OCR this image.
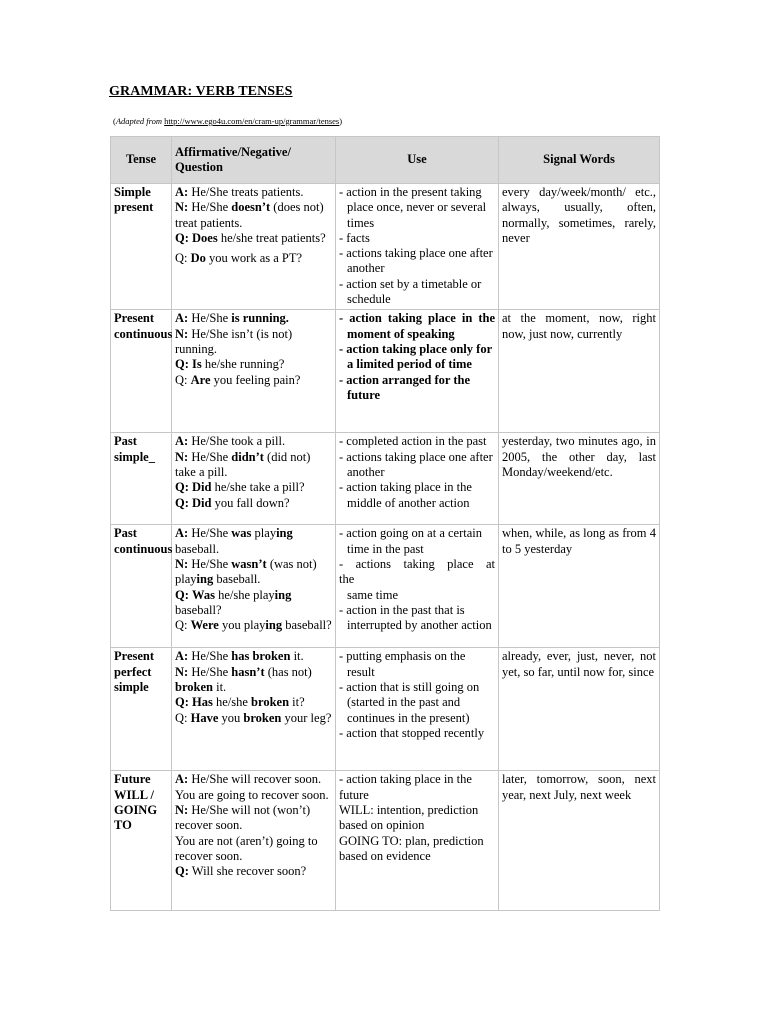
GRAMMAR: VERB TENSES
(Adapted from http://www.ego4u.com/en/cram-up/grammar/tenses)
Tense	Affirmative/Negative/ Question	Use	Signal Words
Simple present	A: He/She treats patients.
N: He/She doesn’t (does not) treat patients.
Q: Does he/she treat patients?
Q: Do you work as a PT?	- action in the present taking place once, never or several times
- facts
- actions taking place one after another
- action set by a timetable or schedule	every day/week/month/ etc., always, usually, often, normally, sometimes, rarely, never

Present continuous	A: He/She is running.
N: He/She isn’t (is not) running.
Q: Is he/she running?
Q: Are you feeling pain?	- action taking place in the
moment of speaking
- action taking place only for a limited period of time
- action arranged for the future	at the moment, now, right now, just now, currently

Past simple_	A: He/She took a pill.
N: He/She didn’t (did not) take a pill.
Q: Did he/she take a pill?
Q: Did you fall down?	- completed action in the past
- actions taking place one after another
- action taking place in the middle of another action	yesterday, two minutes ago, in 2005, the other day, last Monday/weekend/etc.

Past continuous	A: He/She was playing baseball.
N: He/She wasn’t (was not) playing baseball.
Q: Was he/she playing baseball?
Q: Were you playing baseball?	- action going on at a certain time in the past
- actions taking place at
the
same time
- action in the past that is interrupted by another action	when, while, as long as from 4 to 5 yesterday

Present perfect simple	A: He/She has broken it.
N: He/She hasn’t (has not) broken it.
Q: Has he/she broken it?
Q: Have you broken your leg?	- putting emphasis on the result
- action that is still going on (started in the past and continues in the present)
- action that stopped recently	already, ever, just, never, not yet, so far, until now for, since

Future WILL / GOING TO	A: He/She will recover soon.
You are going to recover soon.
N: He/She will not (won’t) recover soon.
You are not (aren’t) going to recover soon.
Q: Will she recover soon?	- action taking place in the future
WILL: intention, prediction based on opinion
GOING TO: plan, prediction based on evidence	later, tomorrow, soon, next year, next July, next week
